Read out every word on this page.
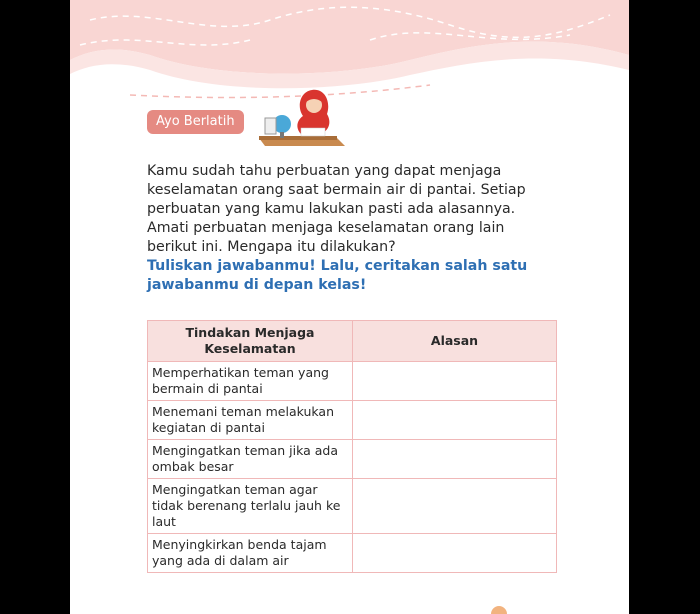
Ayo Berlatih

Kamu sudah tahu perbuatan yang dapat menjaga keselamatan orang saat bermain air di pantai. Setiap perbuatan yang kamu lakukan pasti ada alasannya.

Amati perbuatan menjaga keselamatan orang lain berikut ini. Mengapa itu dilakukan?

Tuliskan jawabanmu! Lalu, ceritakan salah satu jawabanmu di depan kelas!

Tindakan Menjaga Keselamatan	Alasan
Memperhatikan teman yang bermain di pantai	
Menemani teman melakukan kegiatan di pantai	
Mengingatkan teman jika ada ombak besar	
Mengingatkan teman agar tidak berenang terlalu jauh ke laut	
Menyingkirkan benda tajam yang ada di dalam air	
